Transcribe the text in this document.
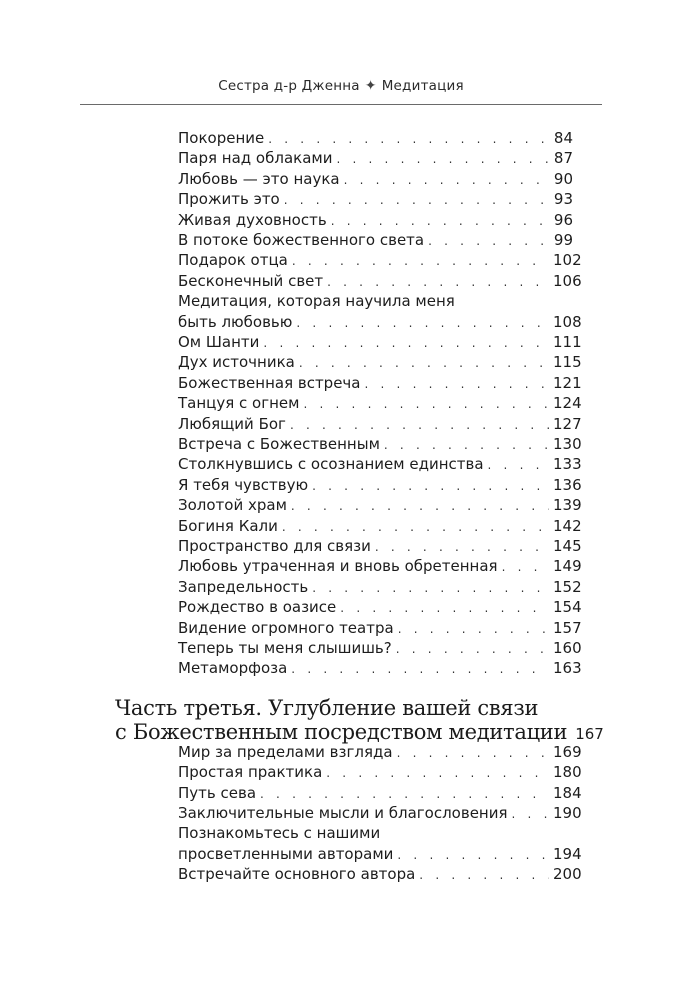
Сестра д-р Дженна ✦ Медитация
Покорение . . .	84
Паря над облаками . . .	87
Любовь — это наука . . .	90
Прожить это . . .	93
Живая духовность . . .	96
В потоке божественного света . . .	99
Подарок отца . . .	102
Бесконечный свет . . .	106
Медитация, которая научила меня
быть любовью . . .	108
Ом Шанти . . .	111
Дух источника . . .	115
Божественная встреча . . .	121
Танцуя с огнем . . .	124
Любящий Бог . . .	127
Встреча с Божественным . . .	130
Столкнувшись с осознанием единства . . .	133
Я тебя чувствую . . .	136
Золотой храм . . .	139
Богиня Кали . . .	142
Пространство для связи . . .	145
Любовь утраченная и вновь обретенная . . .	149
Запредельность . . .	152
Рождество в оазисе . . .	154
Видение огромного театра . . .	157
Теперь ты меня слышишь? . . .	160
Метаморфоза . . .	163
Часть третья. Углубление вашей связи
с Божественным посредством медитации 167
Мир за пределами взгляда . . .	169
Простая практика . . .	180
Путь сева . . .	184
Заключительные мысли и благословения . . .	190
Познакомьтесь с нашими
просветленными авторами . . .	194
Встречайте основного автора . . .	200
